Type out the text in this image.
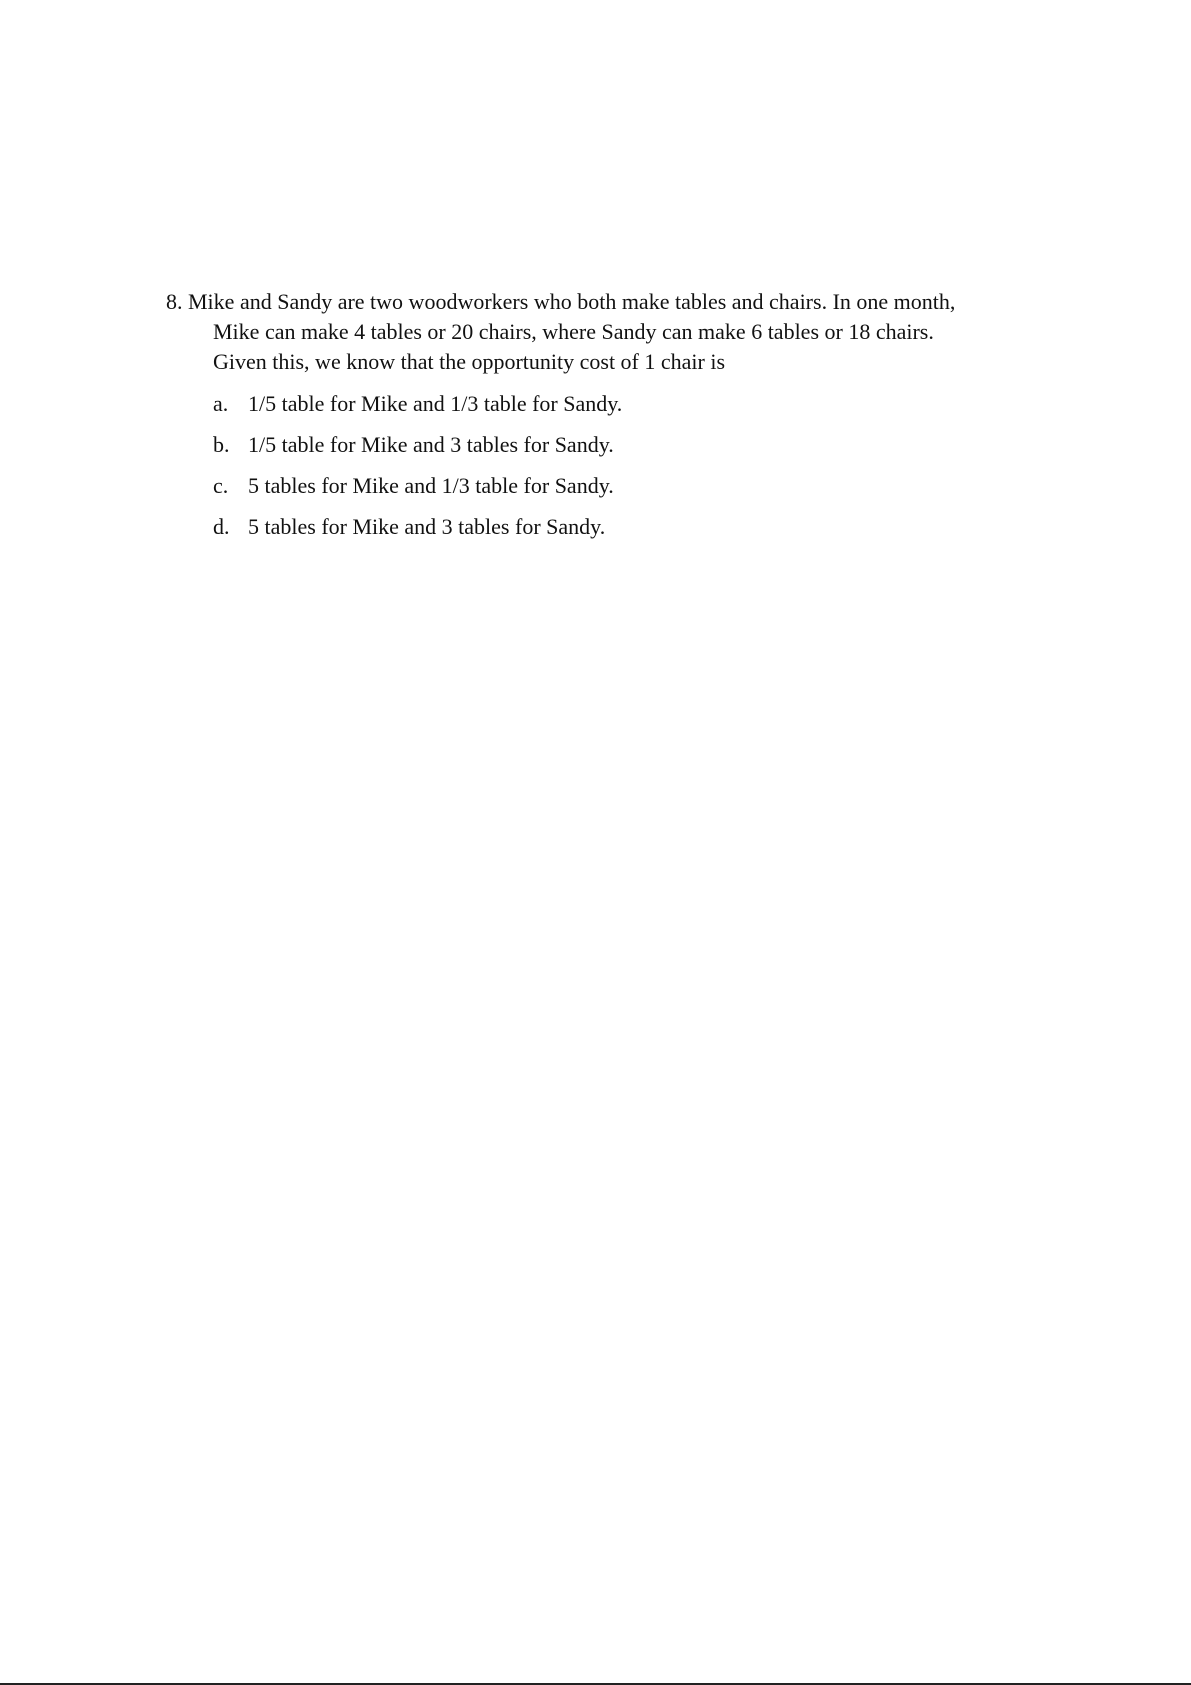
8. Mike and Sandy are two woodworkers who both make tables and chairs. In one month,
Mike can make 4 tables or 20 chairs, where Sandy can make 6 tables or 18 chairs.
Given this, we know that the opportunity cost of 1 chair is
a. 1/5 table for Mike and 1/3 table for Sandy.
b. 1/5 table for Mike and 3 tables for Sandy.
c. 5 tables for Mike and 1/3 table for Sandy.
d. 5 tables for Mike and 3 tables for Sandy.
